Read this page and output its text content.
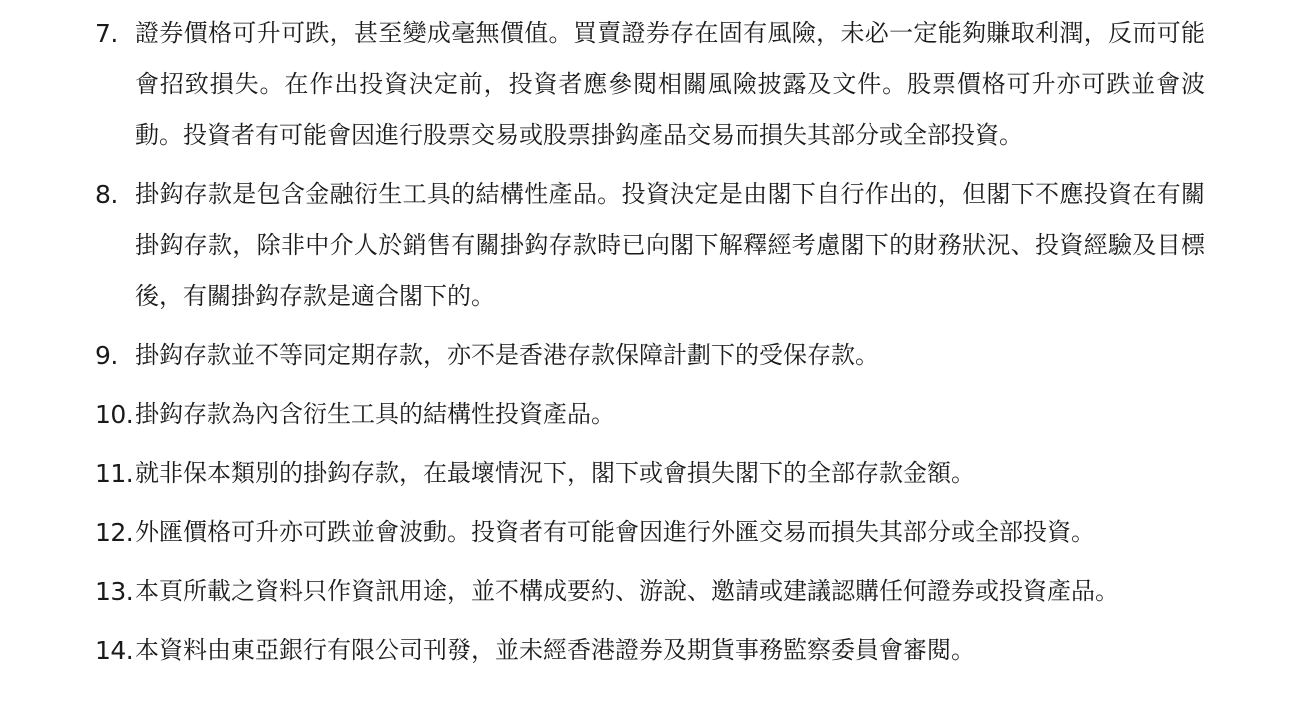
7. 證券價格可升可跌，甚至變成毫無價值。買賣證券存在固有風險，未必一定能夠賺取利潤，反而可能會招致損失。在作出投資決定前，投資者應參閱相關風險披露及文件。股票價格可升亦可跌並會波動。投資者有可能會因進行股票交易或股票掛鈎產品交易而損失其部分或全部投資。
8. 掛鈎存款是包含金融衍生工具的結構性產品。投資決定是由閣下自行作出的，但閣下不應投資在有關掛鈎存款，除非中介人於銷售有關掛鈎存款時已向閣下解釋經考慮閣下的財務狀況、投資經驗及目標後，有關掛鈎存款是適合閣下的。
9. 掛鈎存款並不等同定期存款，亦不是香港存款保障計劃下的受保存款。
10. 掛鈎存款為內含衍生工具的結構性投資產品。
11. 就非保本類別的掛鈎存款，在最壞情況下，閣下或會損失閣下的全部存款金額。
12. 外匯價格可升亦可跌並會波動。投資者有可能會因進行外匯交易而損失其部分或全部投資。
13. 本頁所載之資料只作資訊用途，並不構成要約、游說、邀請或建議認購任何證券或投資產品。
14. 本資料由東亞銀行有限公司刊發，並未經香港證券及期貨事務監察委員會審閱。
